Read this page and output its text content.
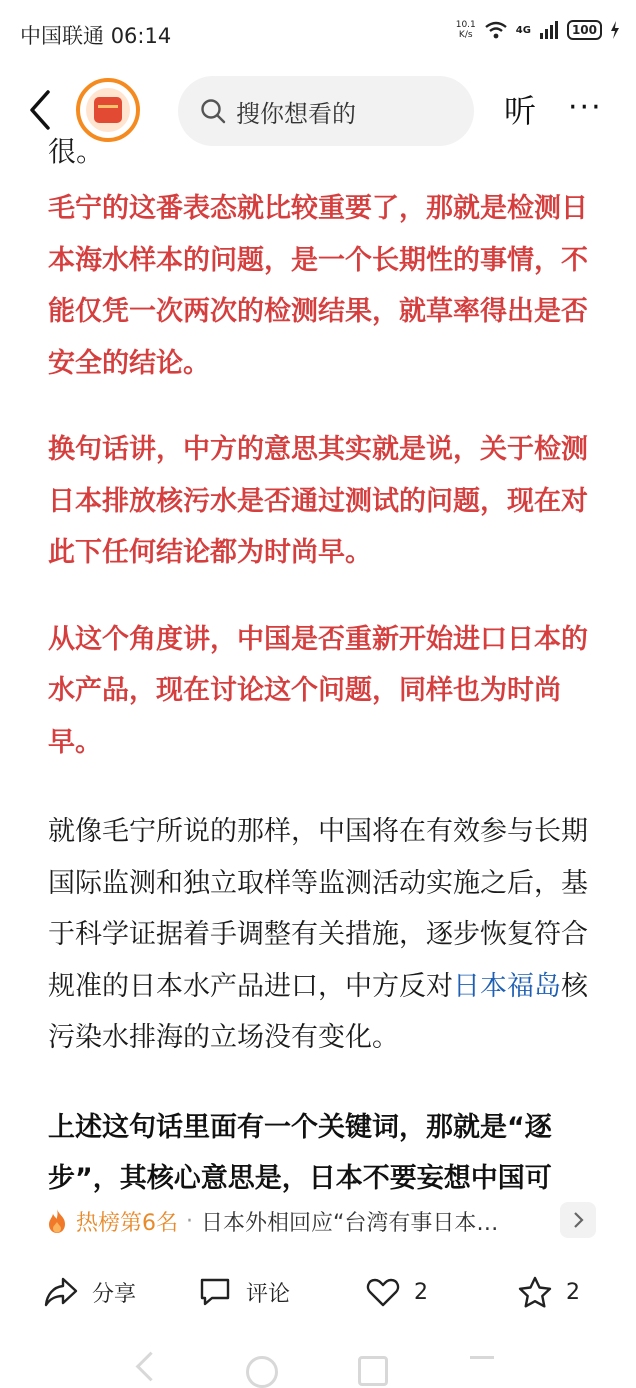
中国联通 06:14	10.1
K/s	4G	100
搜你想看的	听 ···
很。

毛宁的这番表态就比较重要了，那就是检测日本海水样本的问题，是一个长期性的事情，不能仅凭一次两次的检测结果，就草率得出是否安全的结论。

换句话讲，中方的意思其实就是说，关于检测日本排放核污水是否通过测试的问题，现在对此下任何结论都为时尚早。

从这个角度讲，中国是否重新开始进口日本的水产品，现在讨论这个问题，同样也为时尚早。

就像毛宁所说的那样，中国将在有效参与长期国际监测和独立取样等监测活动实施之后，基于科学证据着手调整有关措施，逐步恢复符合规准的日本水产品进口，中方反对日本福岛核污染水排海的立场没有变化。

上述这句话里面有一个关键词，那就是“逐步”，其核心意思是，日本不要妄想中国可

热榜第6名 · 日本外相回应“台湾有事日本…
分享	评论	2	2
